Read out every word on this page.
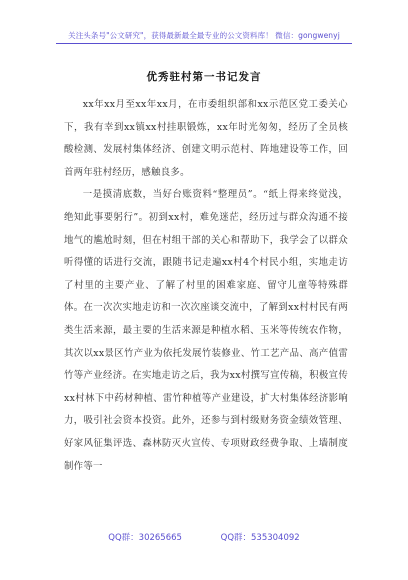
关注头条号"公文研究"，获得最新最全最专业的公文资料库！ 微信：gongwenyj
优秀驻村第一书记发言

xx年xx月至xx年xx月，在市委组织部和xx示范区党工委关心下，我有幸到xx镇xx村挂职锻炼，xx年时光匆匆，经历了全员核酸检测、发展村集体经济、创建文明示范村、阵地建设等工作，回首两年驻村经历，感触良多。

一是摸清底数，当好台账资料“整理员”。“纸上得来终觉浅，绝知此事要躬行”。初到xx村，难免迷茫，经历过与群众沟通不接地气的尴尬时刻，但在村组干部的关心和帮助下，我学会了以群众听得懂的话进行交流，跟随书记走遍xx村4个村民小组，实地走访了村里的主要产业、了解了村里的困难家庭、留守儿童等特殊群体。在一次次实地走访和一次次座谈交流中，了解到xx村村民有两类生活来源，最主要的生活来源是种植水稻、玉米等传统农作物，其次以xx景区竹产业为依托发展竹装修业、竹工艺产品、高产值雷竹等产业经济。在实地走访之后，我为xx村撰写宣传稿，积极宣传xx村林下中药材种植、雷竹种植等产业建设，扩大村集体经济影响力，吸引社会资本投资。此外，还参与到村级财务资金绩效管理、好家风征集评选、森林防灭火宣传、专项财政经费争取、上墙制度制作等一

QQ群：30265665	QQ群：535304092
